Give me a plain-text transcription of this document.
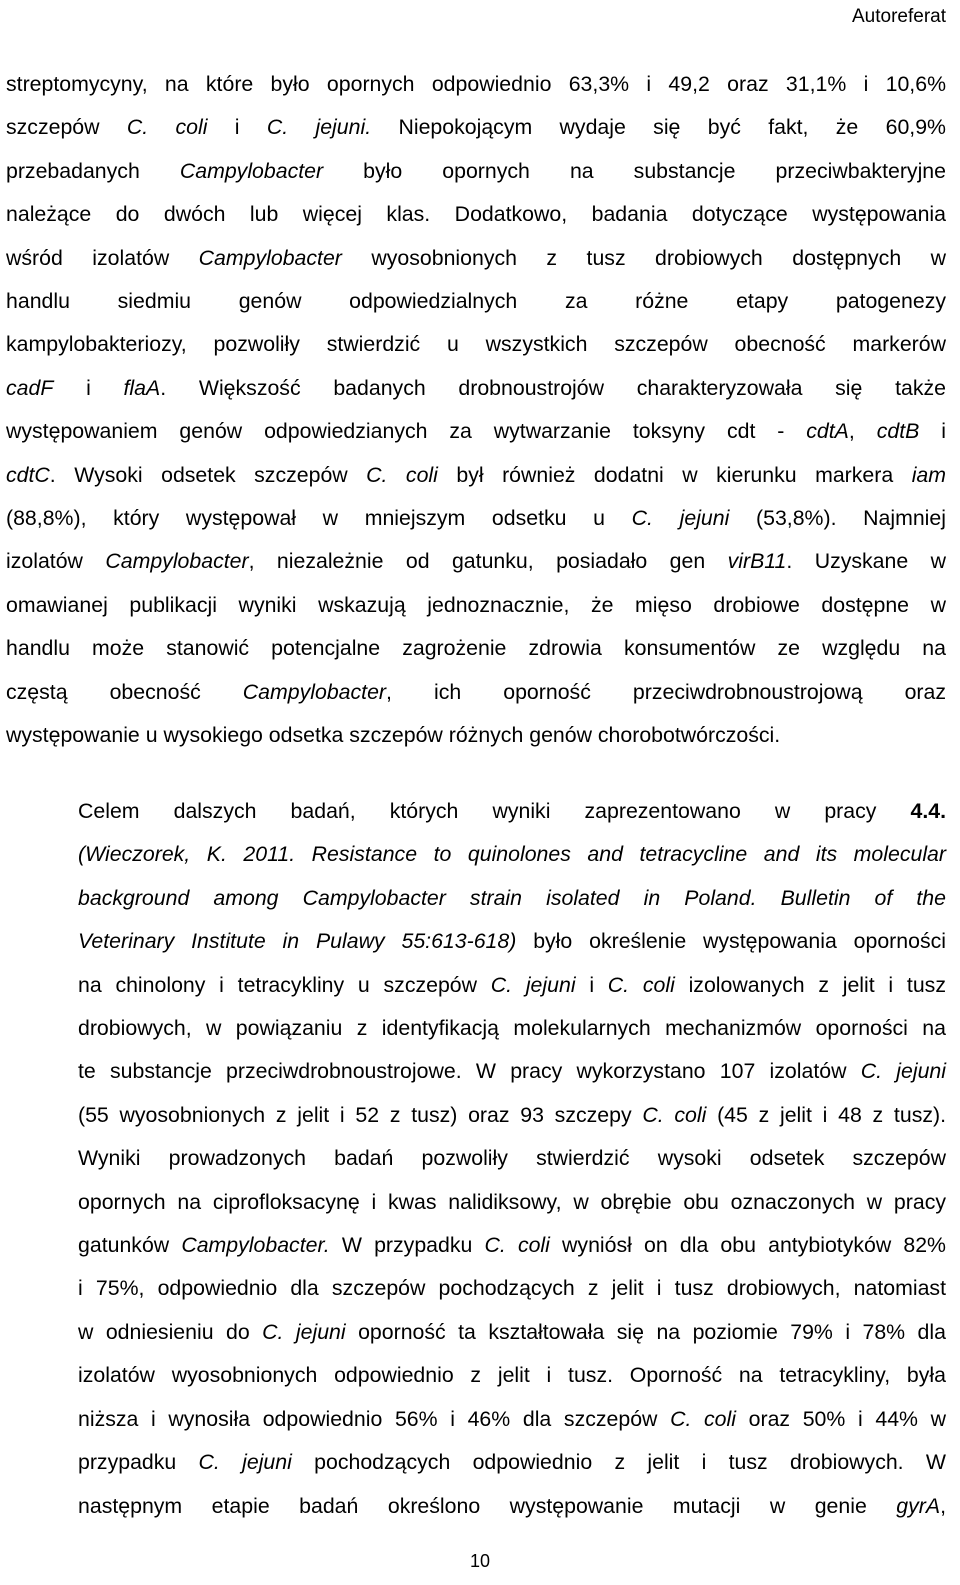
Autoreferat
streptomycyny, na które było opornych odpowiednio 63,3% i 49,2 oraz 31,1% i 10,6%
szczepów C. coli i C. jejuni. Niepokojącym wydaje się być fakt, że 60,9%
przebadanych Campylobacter było opornych na substancje przeciwbakteryjne
należące do dwóch lub więcej klas. Dodatkowo, badania dotyczące występowania
wśród izolatów Campylobacter wyosobnionych z tusz drobiowych dostępnych w
handlu siedmiu genów odpowiedzialnych za różne etapy patogenezy
kampylobakteriozy, pozwoliły stwierdzić u wszystkich szczepów obecność markerów
cadF i flaA. Większość badanych drobnoustrojów charakteryzowała się także
występowaniem genów odpowiedzianych za wytwarzanie toksyny cdt - cdtA, cdtB i
cdtC. Wysoki odsetek szczepów C. coli był również dodatni w kierunku markera iam
(88,8%), który występował w mniejszym odsetku u C. jejuni (53,8%). Najmniej
izolatów Campylobacter, niezależnie od gatunku, posiadało gen virB11. Uzyskane w
omawianej publikacji wyniki wskazują jednoznacznie, że mięso drobiowe dostępne w
handlu może stanowić potencjalne zagrożenie zdrowia konsumentów ze względu na
częstą obecność Campylobacter, ich oporność przeciwdrobnoustrojową oraz
występowanie u wysokiego odsetka szczepów różnych genów chorobotwórczości.
Celem dalszych badań, których wyniki zaprezentowano w pracy 4.4.
(Wieczorek, K. 2011. Resistance to quinolones and tetracycline and its molecular
background among Campylobacter strain isolated in Poland. Bulletin of the
Veterinary Institute in Pulawy 55:613-618) było określenie występowania oporności
na chinolony i tetracykliny u szczepów C. jejuni i C. coli izolowanych z jelit i tusz
drobiowych, w powiązaniu z identyfikacją molekularnych mechanizmów oporności na
te substancje przeciwdrobnoustrojowe. W pracy wykorzystano 107 izolatów C. jejuni
(55 wyosobnionych z jelit i 52 z tusz) oraz 93 szczepy C. coli (45 z jelit i 48 z tusz).
Wyniki prowadzonych badań pozwoliły stwierdzić wysoki odsetek szczepów
opornych na ciprofloksacynę i kwas nalidiksowy, w obrębie obu oznaczonych w pracy
gatunków Campylobacter. W przypadku C. coli wyniósł on dla obu antybiotyków 82%
i 75%, odpowiednio dla szczepów pochodzących z jelit i tusz drobiowych, natomiast
w odniesieniu do C. jejuni oporność ta kształtowała się na poziomie 79% i 78% dla
izolatów wyosobnionych odpowiednio z jelit i tusz. Oporność na tetracykliny, była
niższa i wynosiła odpowiednio 56% i 46% dla szczepów C. coli oraz 50% i 44% w
przypadku C. jejuni pochodzących odpowiednio z jelit i tusz drobiowych. W
następnym etapie badań określono występowanie mutacji w genie gyrA,
10
